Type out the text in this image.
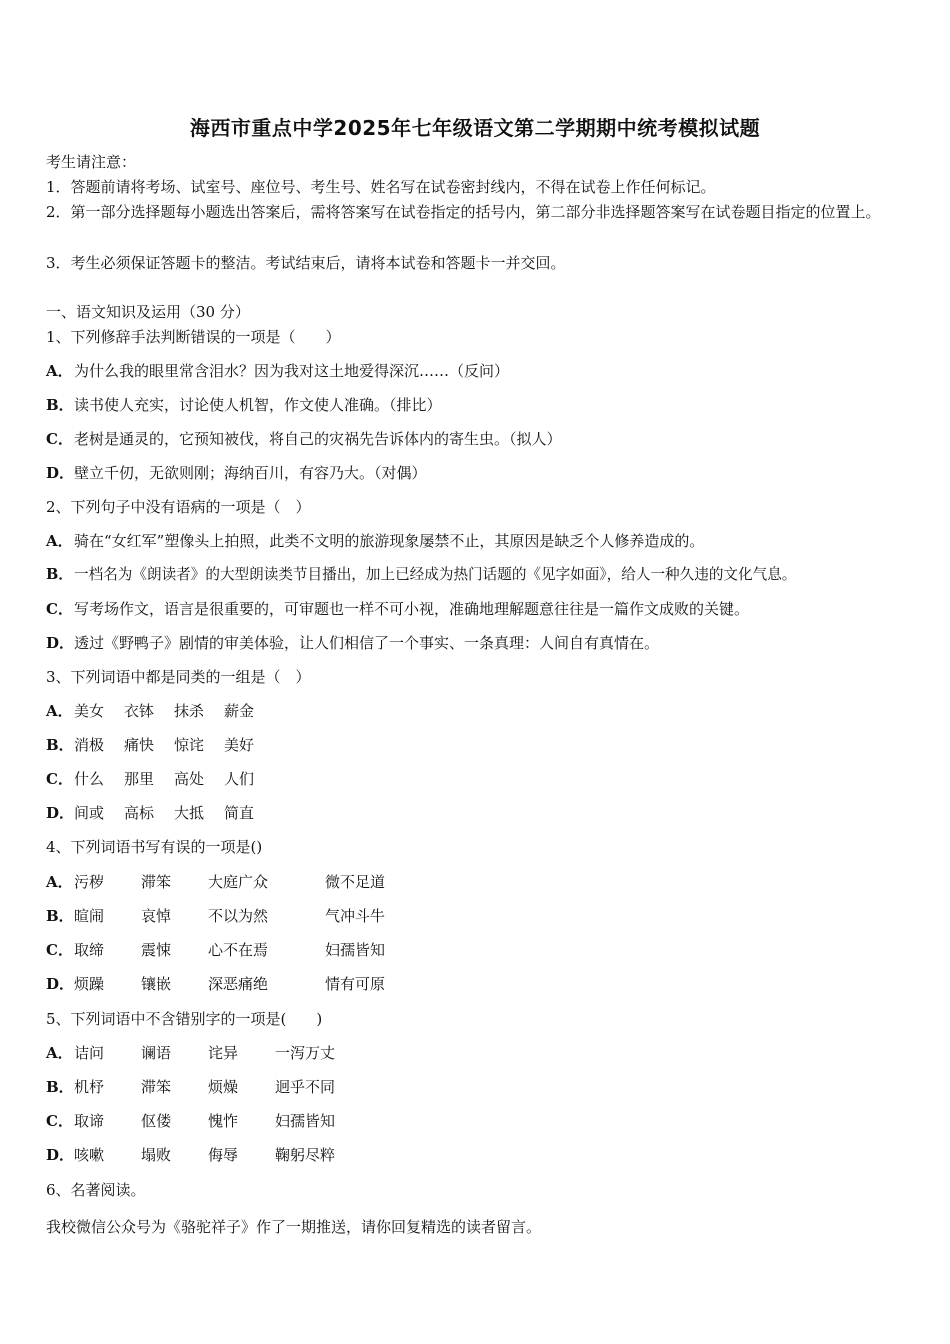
海西市重点中学2025年七年级语文第二学期期中统考模拟试题
考生请注意：
1．答题前请将考场、试室号、座位号、考生号、姓名写在试卷密封线内，不得在试卷上作任何标记。
2．第一部分选择题每小题选出答案后，需将答案写在试卷指定的括号内，第二部分非选择题答案写在试卷题目指定的位置上。
3．考生必须保证答题卡的整洁。考试结束后，请将本试卷和答题卡一并交回。
一、语文知识及运用（30 分）
1、下列修辞手法判断错误的一项是（　　）
A．为什么我的眼里常含泪水？因为我对这土地爱得深沉……（反问）
B．读书使人充实，讨论使人机智，作文使人准确。（排比）
C．老树是通灵的，它预知被伐，将自己的灾祸先告诉体内的寄生虫。（拟人）
D．壁立千仞，无欲则刚；海纳百川，有容乃大。（对偶）
2、下列句子中没有语病的一项是（　）
A．骑在“女红军”塑像头上拍照，此类不文明的旅游现象屡禁不止，其原因是缺乏个人修养造成的。
B．一档名为《朗读者》的大型朗读类节目播出，加上已经成为热门话题的《见字如面》，给人一种久违的文化气息。
C．写考场作文，语言是很重要的，可审题也一样不可小视，准确地理解题意往往是一篇作文成败的关键。
D．透过《野鸭子》剧情的审美体验，让人们相信了一个事实、一条真理：人间自有真情在。
3、下列词语中都是同类的一组是（　）
A．美女 衣钵 抹杀 薪金
B．消极 痛快 惊诧 美好
C．什么 那里 高处 人们
D．间或 高标 大抵 简直
4、下列词语书写有误的一项是()
A．污秽 滞笨 大庭广众	微不足道
B．暄闹 哀悼 不以为然	气冲斗牛
C．取缔 震悚 心不在焉	妇孺皆知
D．烦躁 镶嵌 深恶痛绝	情有可原
5、下列词语中不含错别字的一项是(　　)
A．诘问 谰语 诧异 一泻万丈
B．机杼 滞笨 烦燥 迥乎不同
C．取谛 伛偻 愧怍 妇孺皆知
D．咳嗽 塌败 侮辱 鞠躬尽粹
6、名著阅读。
我校微信公众号为《骆驼祥子》作了一期推送，请你回复精选的读者留言。
